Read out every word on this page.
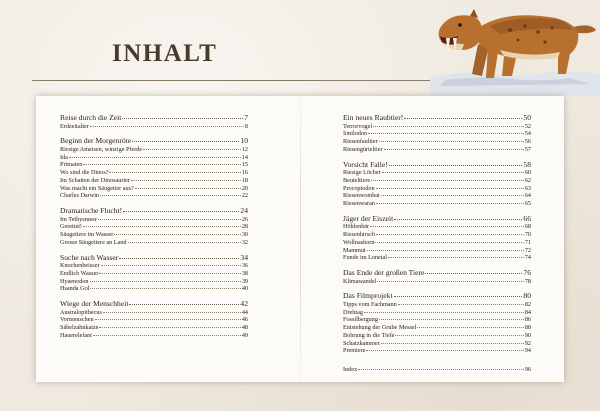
INHALT
Reise durch die Zeit	7
Erdzeitalter	8
Beginn der Morgenröte	10
Riesige Ameisen, winzige Pferde	12
Ida	14
Primaten	15
Wo sind die Dinos?	16
Im Schatten der Dinosaurier	18
Was macht ein Säugetier aus?	20
Charles Darwin	22
Dramatische Flucht!	24
Im Tethysmeer	26
Gerettet!	28
Säugetiere im Wasser	30
Grosse Säugetiere an Land	32
Suche nach Wasser	34
Knochenbeisser	36
Endlich Wasser	38
Hyaenodon	39
Hsanda Gol	40
Wiege der Menschheit	42
Australopithecus	44
Vormenschen	46
Säbelzahnkatze	48
Hauerelefant	49
Ein neues Raubtier!	50
Terrorvogel	52
Smilodon	54
Riesenfaultier	56
Riesengürteltier	57
Vorsicht Falle!	58
Riesige Löcher	60
Beuteltiere	62
Procoptodon	63
Riesenwombat	64
Riesenwaran	65
Jäger der Eiszeit	66
Höhlenbär	68
Riesenhirsch	70
Wollnashorn	71
Mammut	72
Funde im Lonetal	74
Das Ende der großen Tiere	76
Klimawandel	78
Das Filmprojekt	80
Tipps vom Fachmann	82
Drehtag	84
Fossilbergung	86
Entstehung der Grube Messel	88
Bohrung in die Tiefe	90
Schatzkammer	92
Premiere	94
Index	96
